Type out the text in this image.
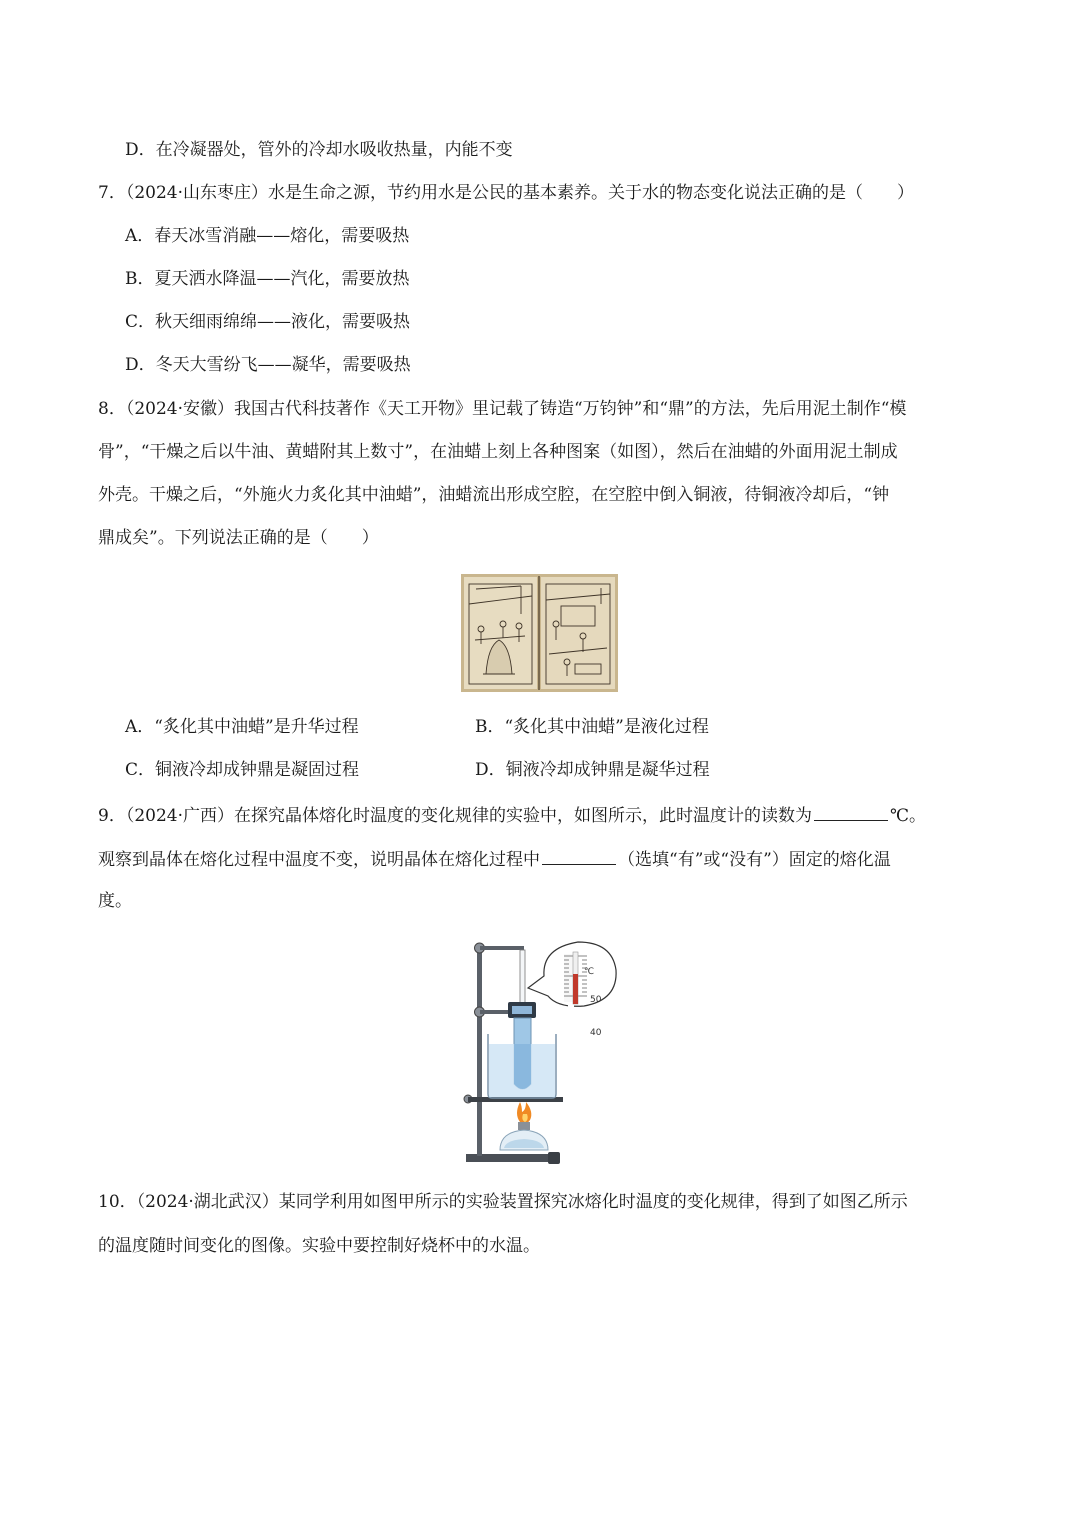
D．在冷凝器处，管外的冷却水吸收热量，内能不变
7．（2024·山东枣庄）水是生命之源，节约用水是公民的基本素养。关于水的物态变化说法正确的是（　　）
A．春天冰雪消融——熔化，需要吸热
B．夏天洒水降温——汽化，需要放热
C．秋天细雨绵绵——液化，需要吸热
D．冬天大雪纷飞——凝华，需要吸热
8．（2024·安徽）我国古代科技著作《天工开物》里记载了铸造“万钧钟”和“鼎”的方法，先后用泥土制作“模
骨”，“干燥之后以牛油、黄蜡附其上数寸”，在油蜡上刻上各种图案（如图），然后在油蜡的外面用泥土制成
外壳。干燥之后，“外施火力炙化其中油蜡”，油蜡流出形成空腔，在空腔中倒入铜液，待铜液冷却后，“钟
鼎成矣”。下列说法正确的是（　　）
A．“炙化其中油蜡”是升华过程	B．“炙化其中油蜡”是液化过程
C．铜液冷却成钟鼎是凝固过程	D．铜液冷却成钟鼎是凝华过程
9．（2024·广西）在探究晶体熔化时温度的变化规律的实验中，如图所示，此时温度计的读数为	℃。
观察到晶体在熔化过程中温度不变，说明晶体在熔化过程中	（选填“有”或“没有”）固定的熔化温
度。
℃
50
40
10．（2024·湖北武汉）某同学利用如图甲所示的实验装置探究冰熔化时温度的变化规律，得到了如图乙所示
的温度随时间变化的图像。实验中要控制好烧杯中的水温。
